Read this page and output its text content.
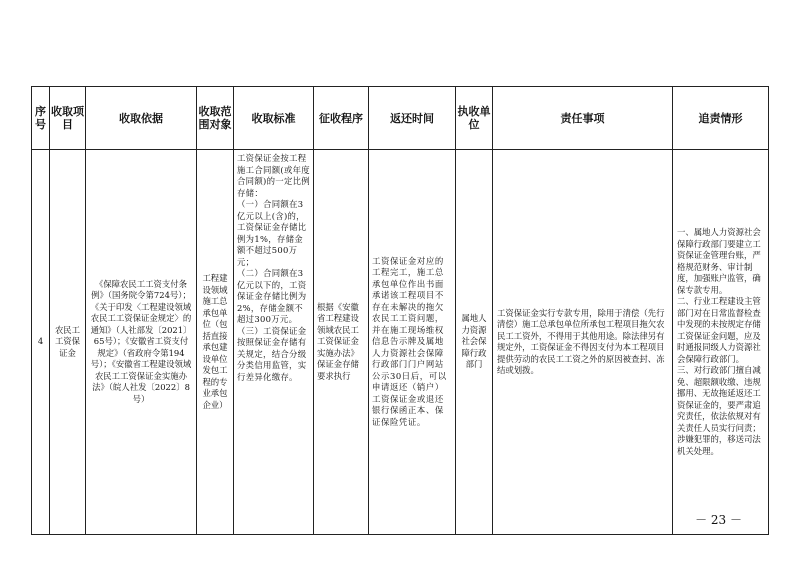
序号	收取项目	收取依据	收取范围对象	收取标准	征收程序	返还时间	执收单位	责任事项	追责情形
4	农民工工资保证金	《保障农民工工资支付条例》（国务院令第724号）；《关于印发〈工程建设领域农民工工资保证金规定〉的通知》（人社部发〔2021〕65号）；《安徽省工资支付规定》（省政府令第194号）；《安徽省工程建设领域农民工工资保证金实施办法》（皖人社发〔2022〕8号）	工程建设领域施工总承包单位（包括直接承包建设单位发包工程的专业承包企业）	工资保证金按工程施工合同额(或年度合同额)的一定比例存储：
（一）合同额在3亿元以上(含)的，工资保证金存储比例为1%，存储金额不超过500万元；
（二）合同额在3亿元以下的，工资保证金存储比例为2%，存储金额不超过300万元。
（三）工资保证金按照保证金存储有关规定，结合分级分类信用监管，实行差异化缴存。	根据《安徽省工程建设领域农民工工资保证金实施办法》保证金存储要求执行	工资保证金对应的工程完工，施工总承包单位作出书面承诺该工程项目不存在未解决的拖欠农民工工资问题，并在施工现场维权信息告示牌及属地人力资源社会保障行政部门门户网站公示30日后，可以申请返还（销户）工资保证金或退还银行保函正本、保证保险凭证。	属地人力资源社会保障行政部门	工资保证金实行专款专用，除用于清偿（先行清偿）施工总承包单位所承包工程项目拖欠农民工工资外，不得用于其他用途。除法律另有规定外，工资保证金不得因支付为本工程项目提供劳动的农民工工资之外的原因被查封、冻结或划拨。	一、属地人力资源社会保障行政部门要建立工资保证金管理台账，严格规范财务、审计制度，加强账户监管，确保专款专用。
二、行业工程建设主管部门对在日常监督检查中发现的未按规定存储工资保证金问题，应及时通报同级人力资源社会保障行政部门。
三、对行政部门擅自减免、超限额收缴、违规挪用、无故拖延返还工资保证金的，要严肃追究责任，依法依规对有关责任人员实行问责；涉嫌犯罪的，移送司法机关处理。
－ 23 －
